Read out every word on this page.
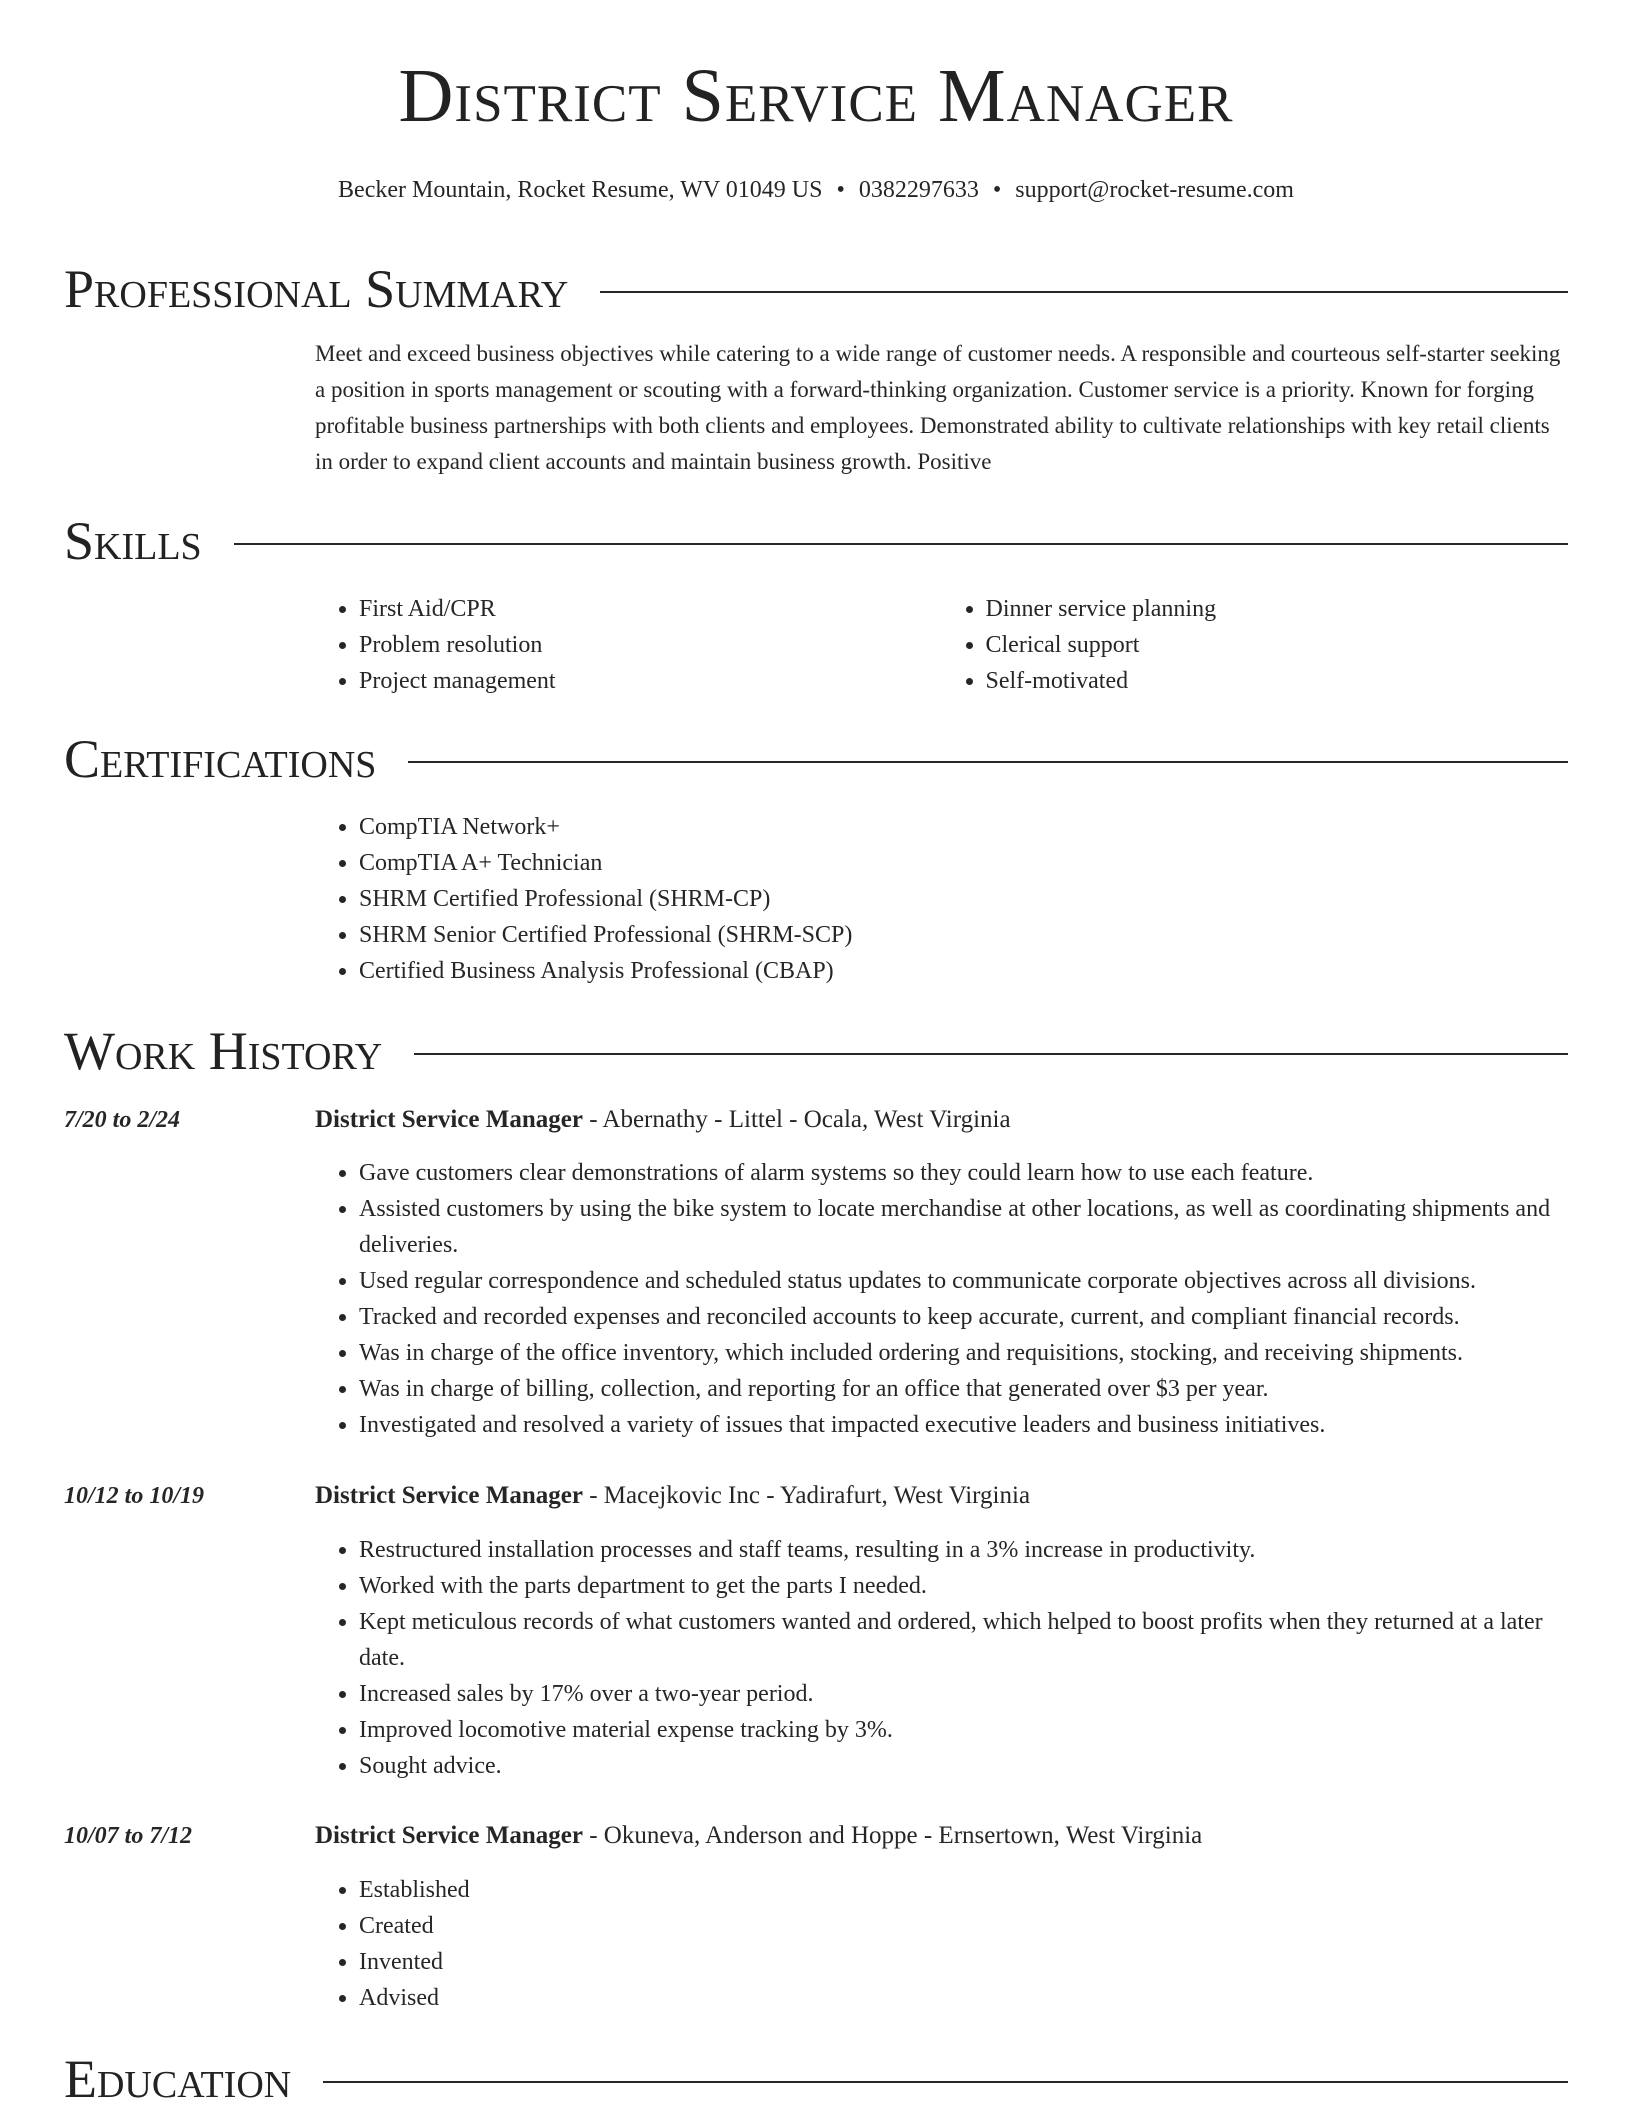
District Service Manager
Becker Mountain, Rocket Resume, WV 01049 US • 0382297633 • support@rocket-resume.com
Professional Summary
Meet and exceed business objectives while catering to a wide range of customer needs. A responsible and courteous self-starter seeking a position in sports management or scouting with a forward-thinking organization. Customer service is a priority. Known for forging profitable business partnerships with both clients and employees. Demonstrated ability to cultivate relationships with key retail clients in order to expand client accounts and maintain business growth. Positive
Skills
• First Aid/CPR
• Problem resolution
• Project management
• Dinner service planning
• Clerical support
• Self-motivated
Certifications
• CompTIA Network+
• CompTIA A+ Technician
• SHRM Certified Professional (SHRM-CP)
• SHRM Senior Certified Professional (SHRM-SCP)
• Certified Business Analysis Professional (CBAP)
Work History
7/20 to 2/24	District Service Manager - Abernathy - Littel - Ocala, West Virginia
• Gave customers clear demonstrations of alarm systems so they could learn how to use each feature.
• Assisted customers by using the bike system to locate merchandise at other locations, as well as coordinating shipments and deliveries.
• Used regular correspondence and scheduled status updates to communicate corporate objectives across all divisions.
• Tracked and recorded expenses and reconciled accounts to keep accurate, current, and compliant financial records.
• Was in charge of the office inventory, which included ordering and requisitions, stocking, and receiving shipments.
• Was in charge of billing, collection, and reporting for an office that generated over $3 per year.
• Investigated and resolved a variety of issues that impacted executive leaders and business initiatives.
10/12 to 10/19	District Service Manager - Macejkovic Inc - Yadirafurt, West Virginia
• Restructured installation processes and staff teams, resulting in a 3% increase in productivity.
• Worked with the parts department to get the parts I needed.
• Kept meticulous records of what customers wanted and ordered, which helped to boost profits when they returned at a later date.
• Increased sales by 17% over a two-year period.
• Improved locomotive material expense tracking by 3%.
• Sought advice.
10/07 to 7/12	District Service Manager - Okuneva, Anderson and Hoppe - Ernsertown, West Virginia
• Established
• Created
• Invented
• Advised
Education
